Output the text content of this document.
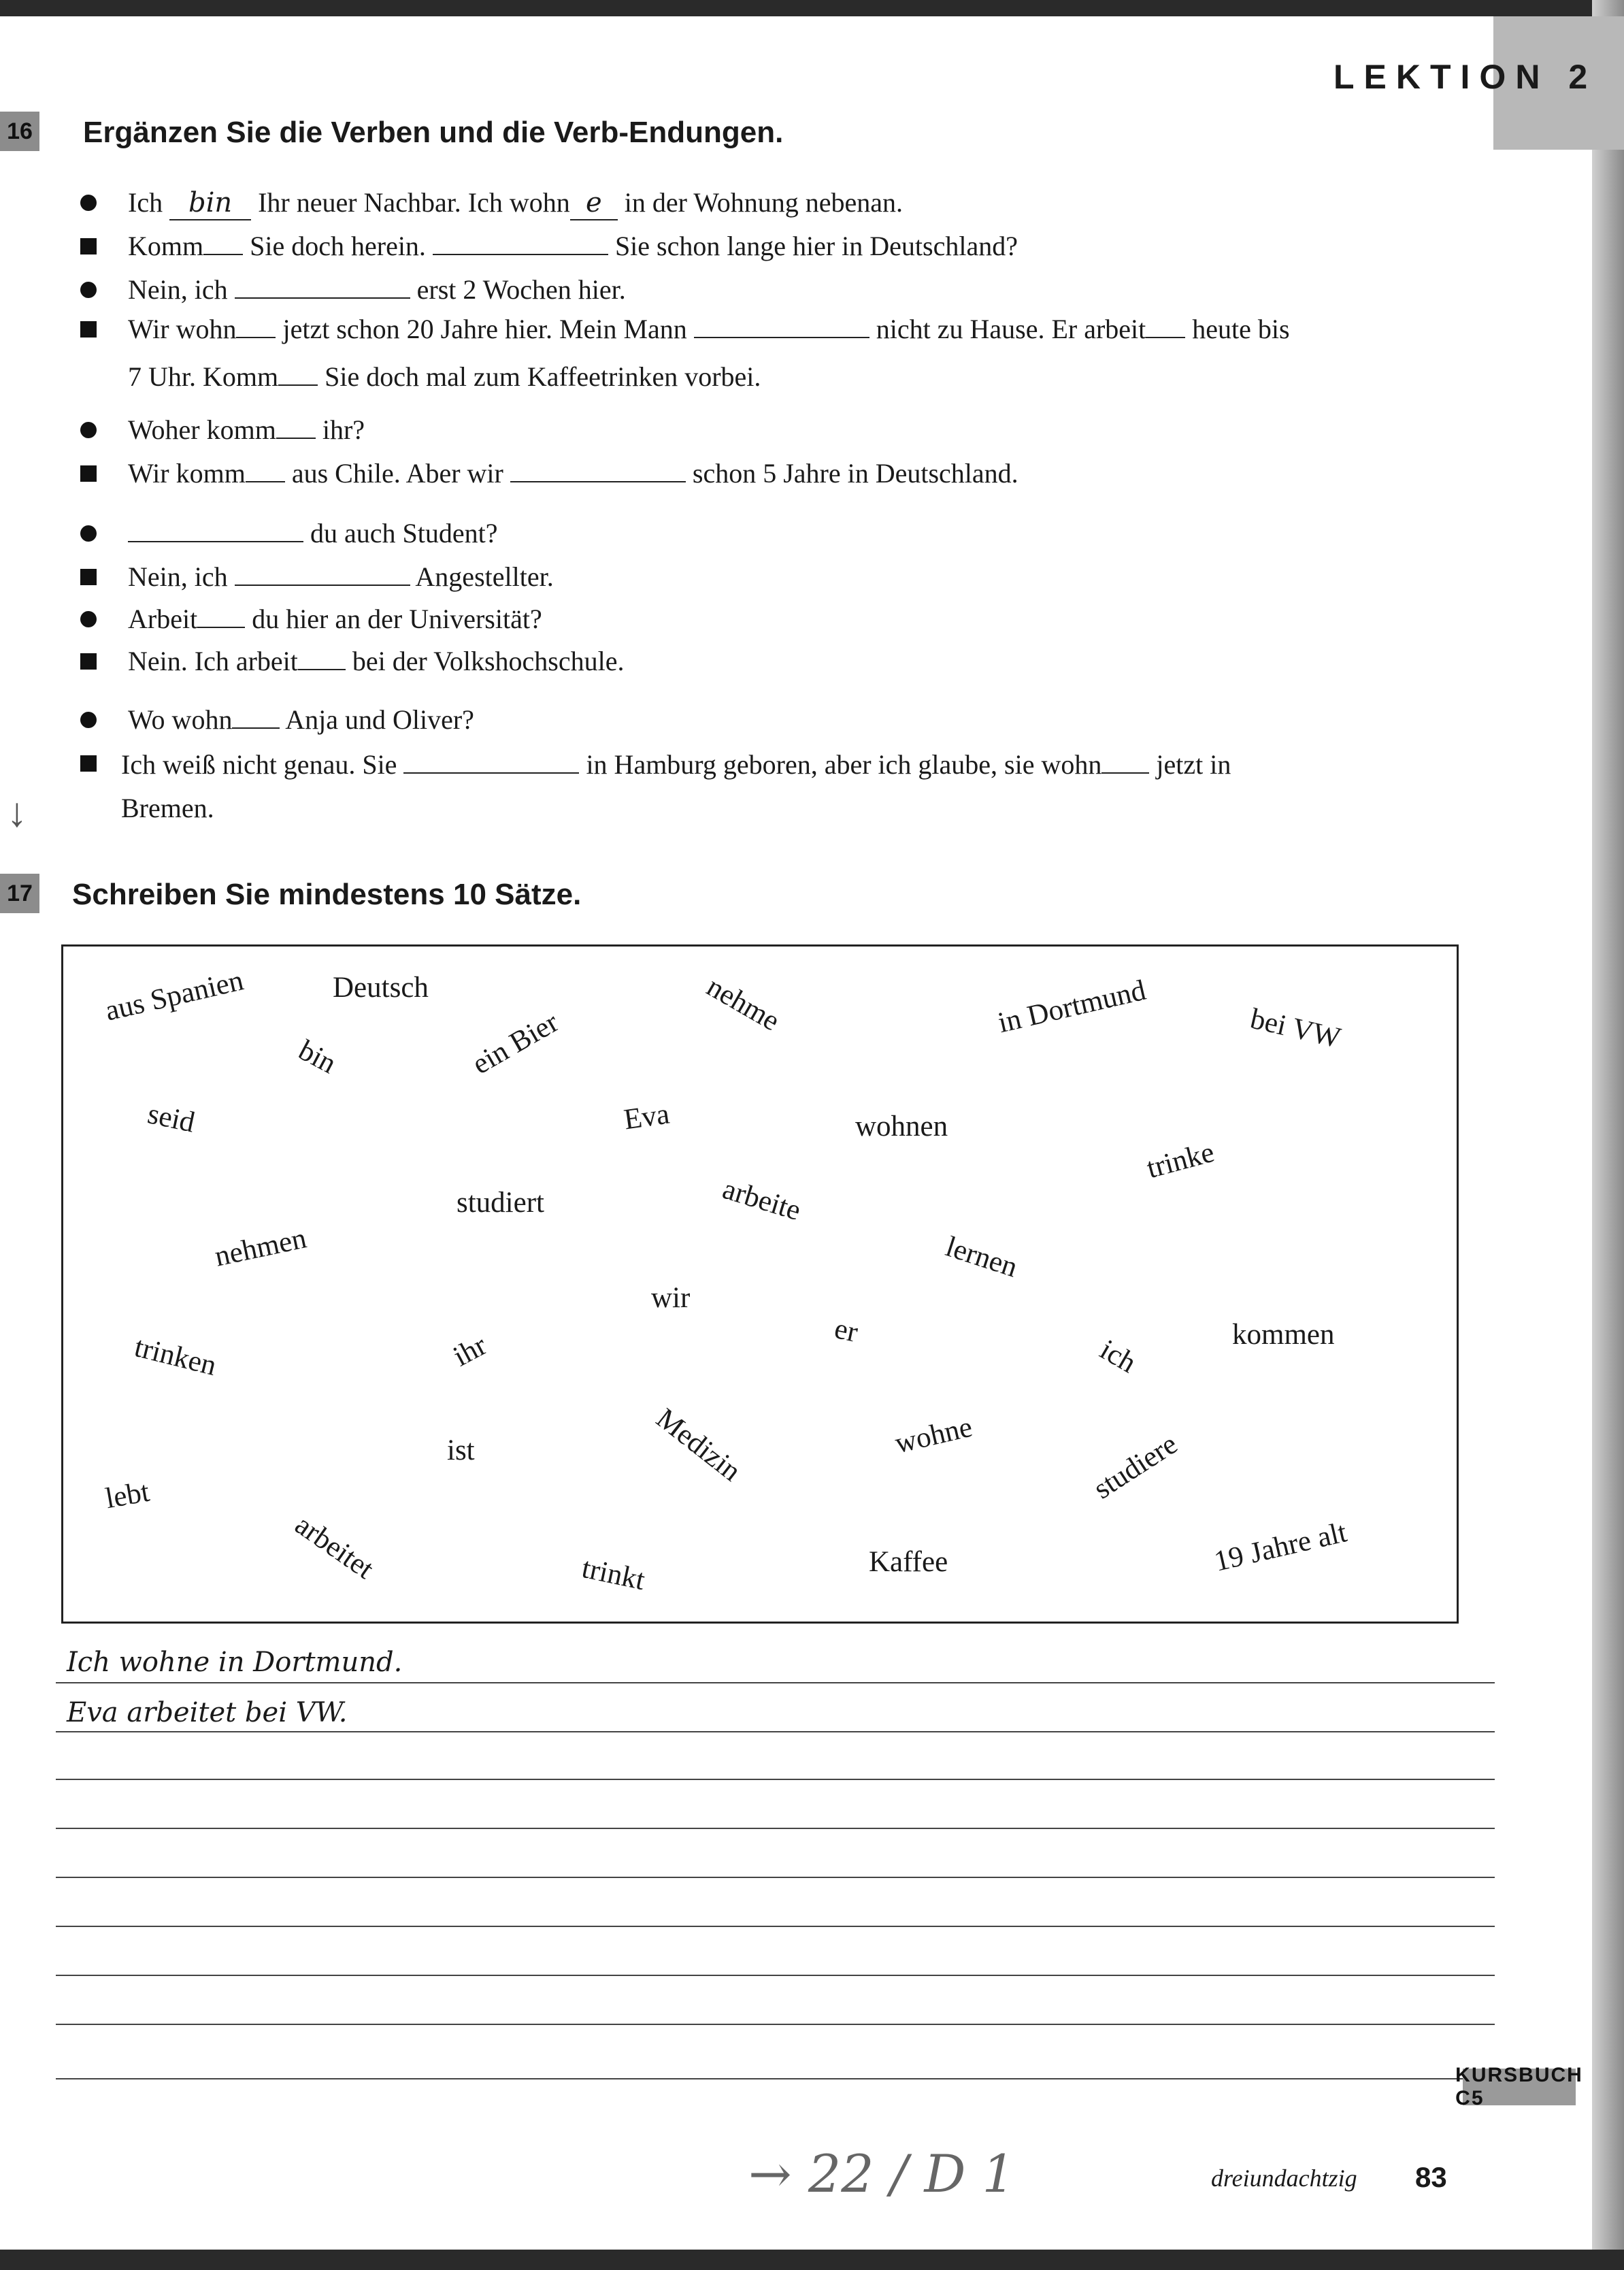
LEKTION 2
16 Ergänzen Sie die Verben und die Verb-Endungen.
Ich bin Ihr neuer Nachbar. Ich wohn e in der Wohnung nebenan.
Komm Sie doch herein.	Sie schon lange hier in Deutschland?
Nein, ich	erst 2 Wochen hier.
Wir wohn jetzt schon 20 Jahre hier. Mein Mann	nicht zu Hause. Er arbeit heute bis
7 Uhr. Komm Sie doch mal zum Kaffeetrinken vorbei.
Woher komm ihr?
Wir komm aus Chile. Aber wir	schon 5 Jahre in Deutschland.
du auch Student?
Nein, ich	Angestellter.
Arbeit du hier an der Universität?
Nein. Ich arbeit bei der Volkshochschule.
Wo wohn Anja und Oliver?
Ich weiß nicht genau. Sie	in Hamburg geboren, aber ich glaube, sie wohn jetzt in
Bremen.
↓
17 Schreiben Sie mindestens 10 Sätze.
aus Spanien	Deutsch	nehme	in Dortmund	bei VW
bin	ein Bier
seid	Eva	wohnen
trinke
studiert	arbeite
nehmen	lernen
wir
er
trinken	ihr	ich	kommen
Medizin	wohne
ist	studiere
lebt
arbeitet	trinkt	Kaffee	19 Jahre alt
Ich wohne in Dortmund.
Eva arbeitet bei VW.
KURSBUCH C5
→ 22 / D 1	dreiundachtzig 83
